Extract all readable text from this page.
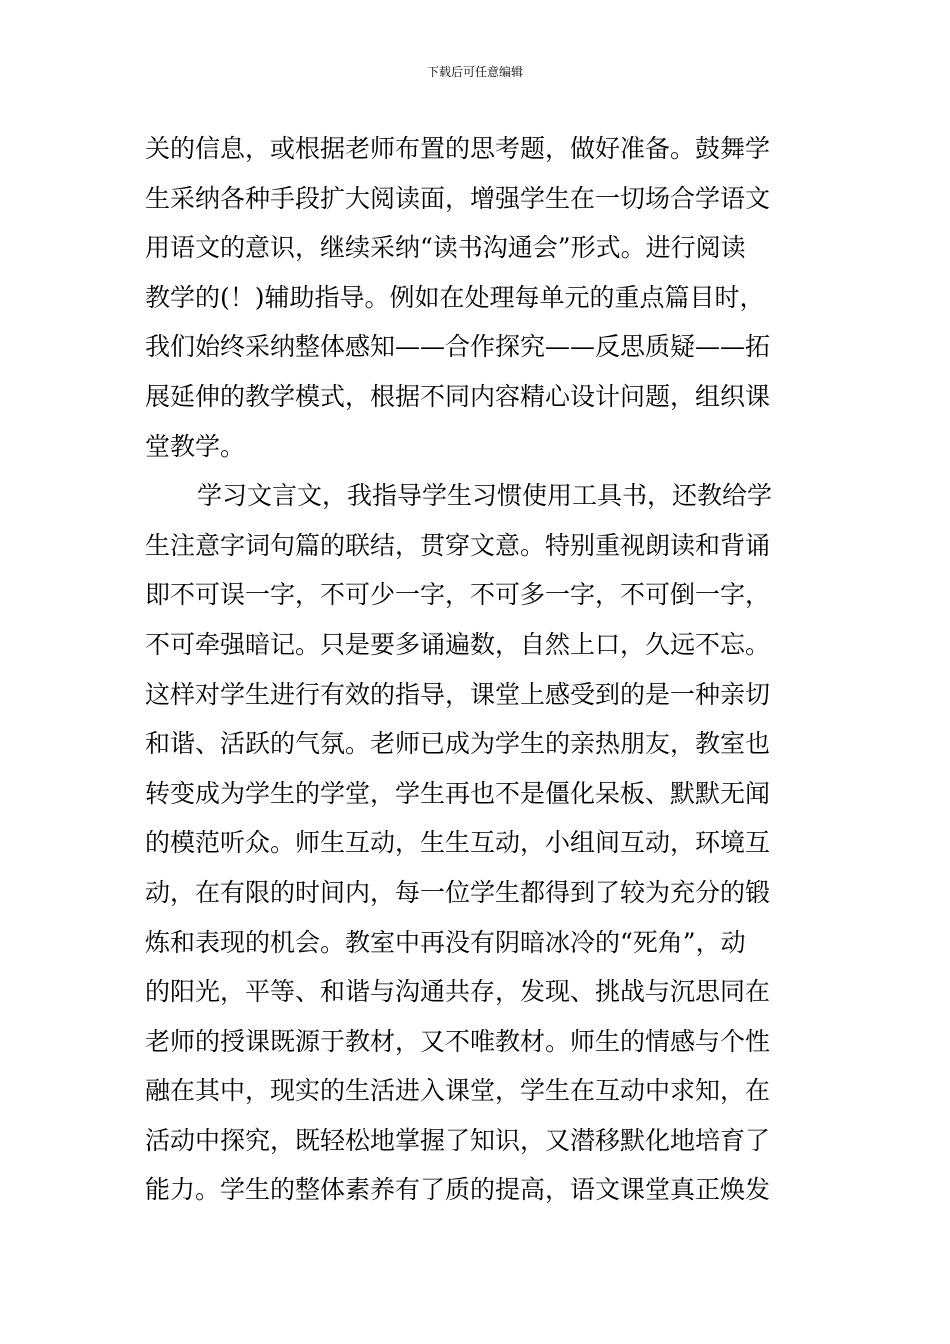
下载后可任意编辑
关的信息，或根据老师布置的思考题，做好准备。鼓舞学
生采纳各种手段扩大阅读面，增强学生在一切场合学语文
用语文的意识，继续采纳“读书沟通会”形式。进行阅读
教学的(！)辅助指导。例如在处理每单元的重点篇目时，
我们始终采纳整体感知——合作探究——反思质疑——拓
展延伸的教学模式，根据不同内容精心设计问题，组织课
堂教学。
学习文言文，我指导学生习惯使用工具书，还教给学
生注意字词句篇的联结，贯穿文意。特别重视朗读和背诵
即不可误一字，不可少一字，不可多一字，不可倒一字，
不可牵强暗记。只是要多诵遍数，自然上口，久远不忘。
这样对学生进行有效的指导，课堂上感受到的是一种亲切
和谐、活跃的气氛。老师已成为学生的亲热朋友，教室也
转变成为学生的学堂，学生再也不是僵化呆板、默默无闻
的模范听众。师生互动，生生互动，小组间互动，环境互
动，在有限的时间内，每一位学生都得到了较为充分的锻
炼和表现的机会。教室中再没有阴暗冰冷的“死角”，动
的阳光，平等、和谐与沟通共存，发现、挑战与沉思同在
老师的授课既源于教材，又不唯教材。师生的情感与个性
融在其中，现实的生活进入课堂，学生在互动中求知，在
活动中探究，既轻松地掌握了知识，又潜移默化地培育了
能力。学生的整体素养有了质的提高，语文课堂真正焕发
